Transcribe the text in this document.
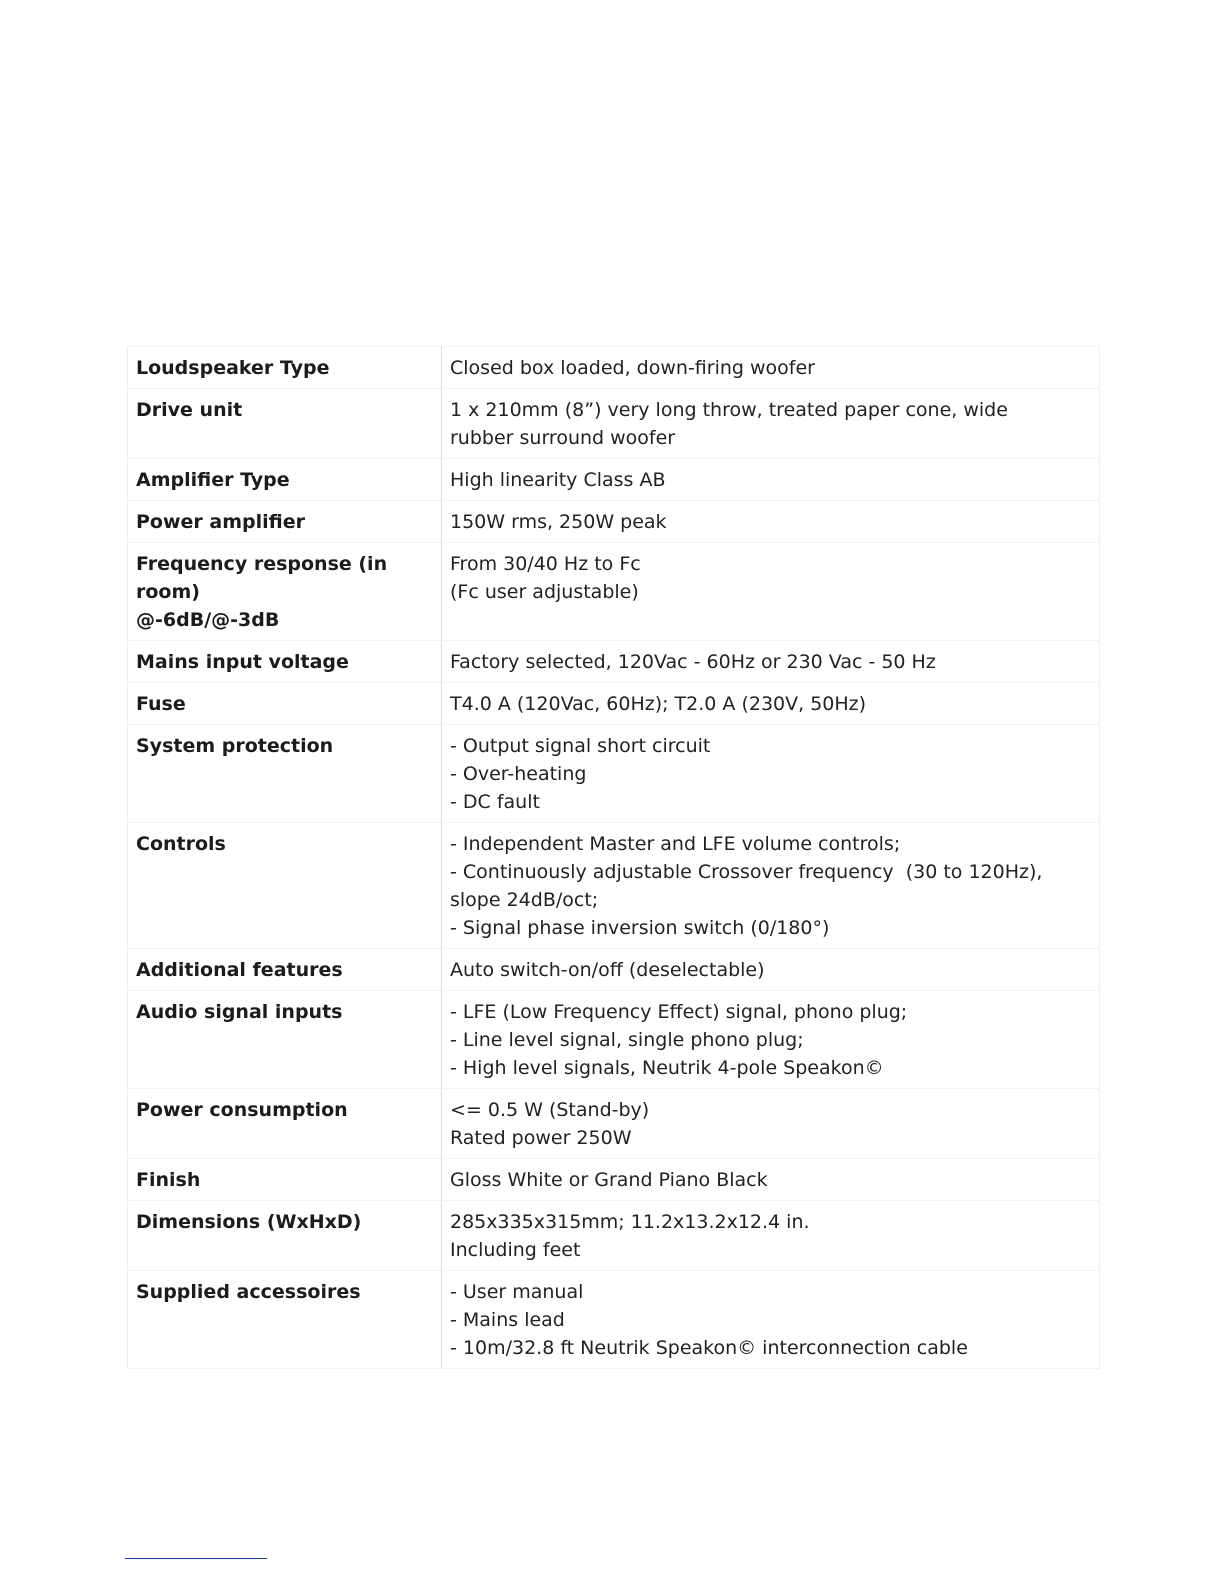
Loudspeaker Type	Closed box loaded, down-firing woofer

Drive unit	1 x 210mm (8”) very long throw, treated paper cone, wide
rubber surround woofer

Amplifier Type	High linearity Class AB

Power amplifier	150W rms, 250W peak

Frequency response (in room)
@-6dB/@-3dB	From 30/40 Hz to Fc
(Fc user adjustable)

Mains input voltage	Factory selected, 120Vac - 60Hz or 230 Vac - 50 Hz

Fuse	T4.0 A (120Vac, 60Hz); T2.0 A (230V, 50Hz)

System protection	- Output signal short circuit
- Over-heating
- DC fault

Controls	- Independent Master and LFE volume controls;
- Continuously adjustable Crossover frequency  (30 to 120Hz),
slope 24dB/oct;
- Signal phase inversion switch (0/180°)

Additional features	Auto switch-on/off (deselectable)

Audio signal inputs	- LFE (Low Frequency Effect) signal, phono plug;
- Line level signal, single phono plug;
- High level signals, Neutrik 4-pole Speakon©

Power consumption	<= 0.5 W (Stand-by)
Rated power 250W

Finish	Gloss White or Grand Piano Black

Dimensions (WxHxD)	285x335x315mm; 11.2x13.2x12.4 in.
Including feet

Supplied accessoires	- User manual
- Mains lead
- 10m/32.8 ft Neutrik Speakon© interconnection cable
